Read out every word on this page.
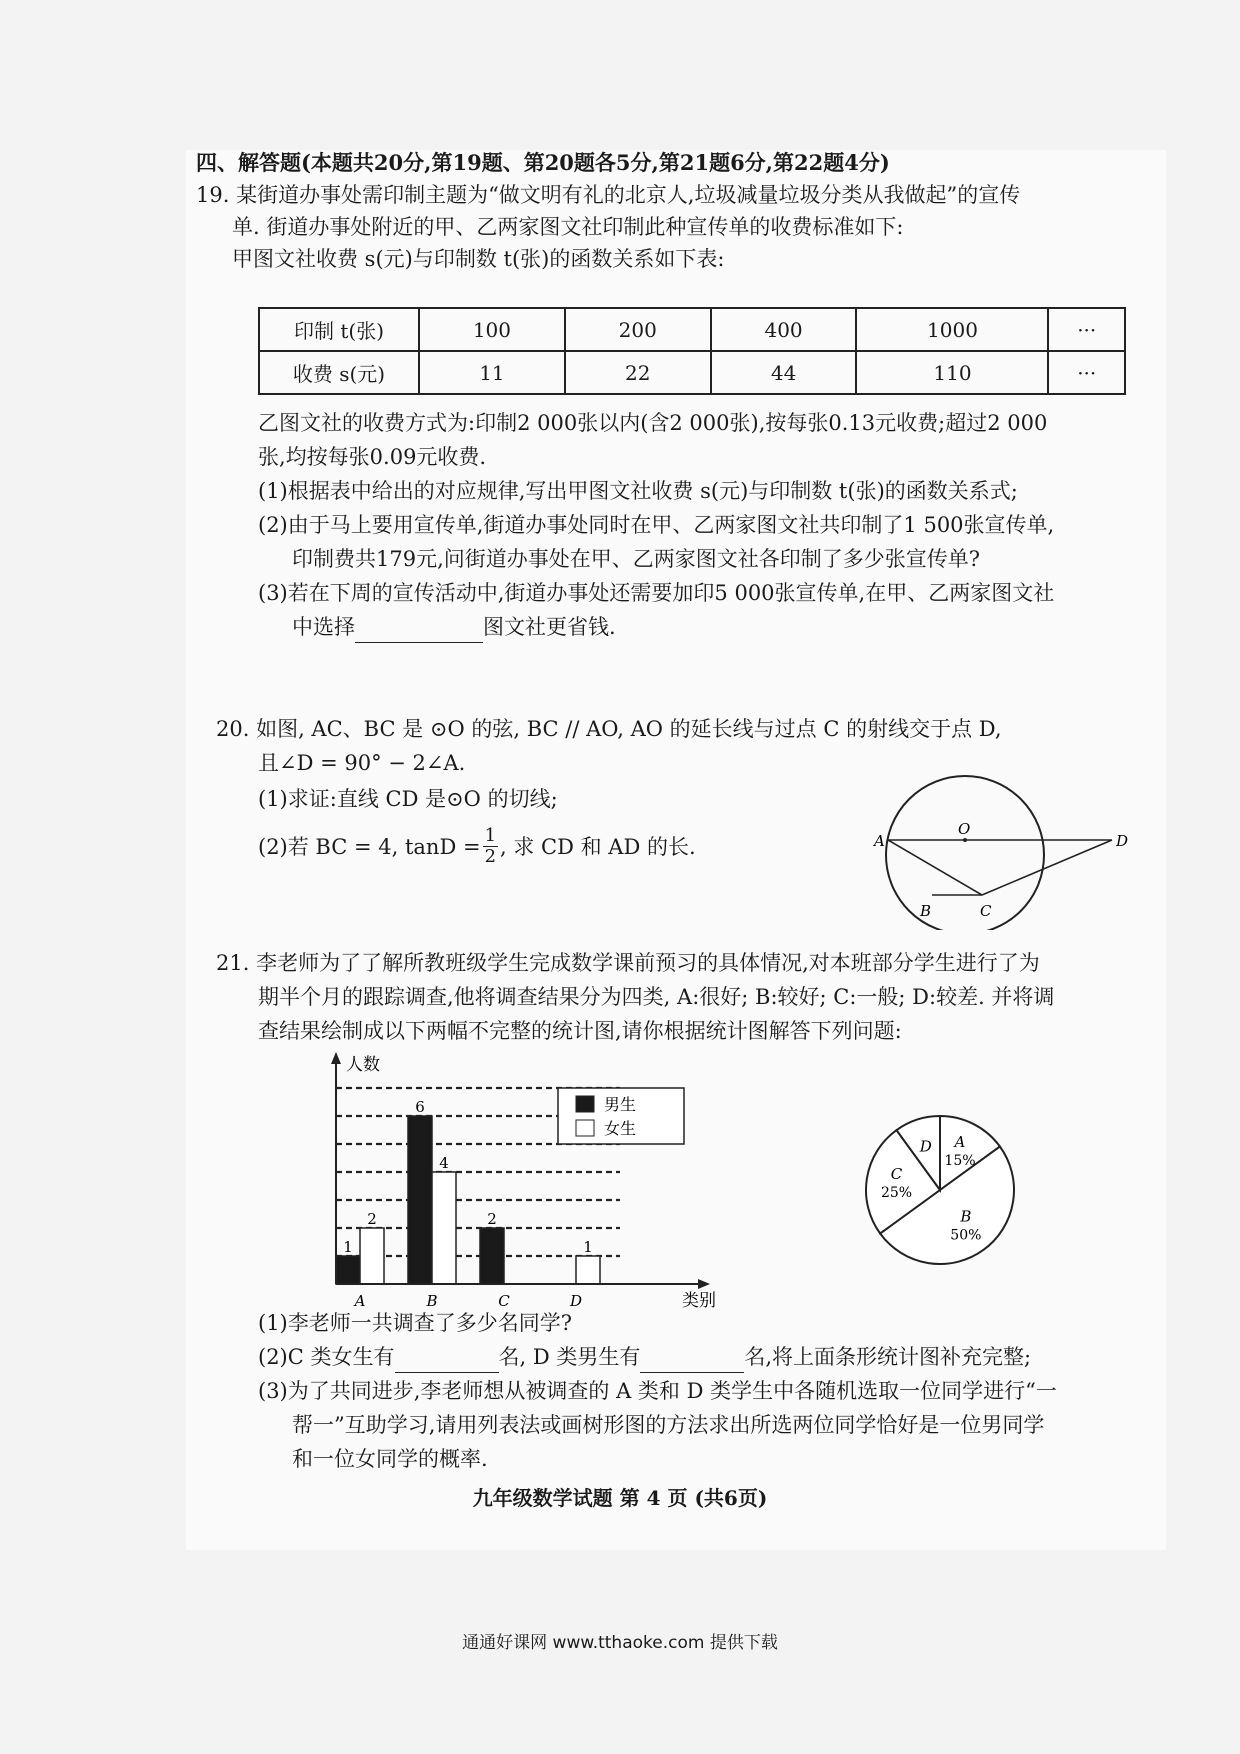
四、解答题(本题共20分,第19题、第20题各5分,第21题6分,第22题4分)
19. 某街道办事处需印制主题为“做文明有礼的北京人,垃圾减量垃圾分类从我做起”的宣传
单. 街道办事处附近的甲、乙两家图文社印制此种宣传单的收费标准如下:
甲图文社收费 s(元)与印制数 t(张)的函数关系如下表:
印制 t(张)	100	200	400	1000	···
收费 s(元)	11	22	44	110	···
乙图文社的收费方式为:印制2 000张以内(含2 000张),按每张0.13元收费;超过2 000
张,均按每张0.09元收费.
(1)根据表中给出的对应规律,写出甲图文社收费 s(元)与印制数 t(张)的函数关系式;
(2)由于马上要用宣传单,街道办事处同时在甲、乙两家图文社共印制了1 500张宣传单,
印制费共179元,问街道办事处在甲、乙两家图文社各印制了多少张宣传单?
(3)若在下周的宣传活动中,街道办事处还需要加印5 000张宣传单,在甲、乙两家图文社
中选择	图文社更省钱.
20. 如图, AC、BC 是 ⊙O 的弦, BC // AO, AO 的延长线与过点 C 的射线交于点 D,
且∠D = 90° − 2∠A.
(1)求证:直线 CD 是⊙O 的切线;
(2)若 BC = 4, $\tan D = \frac{1}{2}$ , 求 CD 和 AD 的长.	A
O
D
B	C
21. 李老师为了了解所教班级学生完成数学课前预习的具体情况,对本班部分学生进行了为
期半个月的跟踪调查,他将调查结果分为四类, A:很好; B:较好; C:一般; D:较差. 并将调
查结果绘制成以下两幅不完整的统计图,请你根据统计图解答下列问题:
1
2
6
4
2
1
人数
类别
A	B	C	D
男生
女生
A
15%
B
50%
C
25%
D
(1)李老师一共调查了多少名同学?
(2)C 类女生有	名, D 类男生有	名,将上面条形统计图补充完整;
(3)为了共同进步,李老师想从被调查的 A 类和 D 类学生中各随机选取一位同学进行“一
帮一”互助学习,请用列表法或画树形图的方法求出所选两位同学恰好是一位男同学
和一位女同学的概率.
九年级数学试题 第 4 页 (共6页)
通通好课网 www.tthaoke.com 提供下载
